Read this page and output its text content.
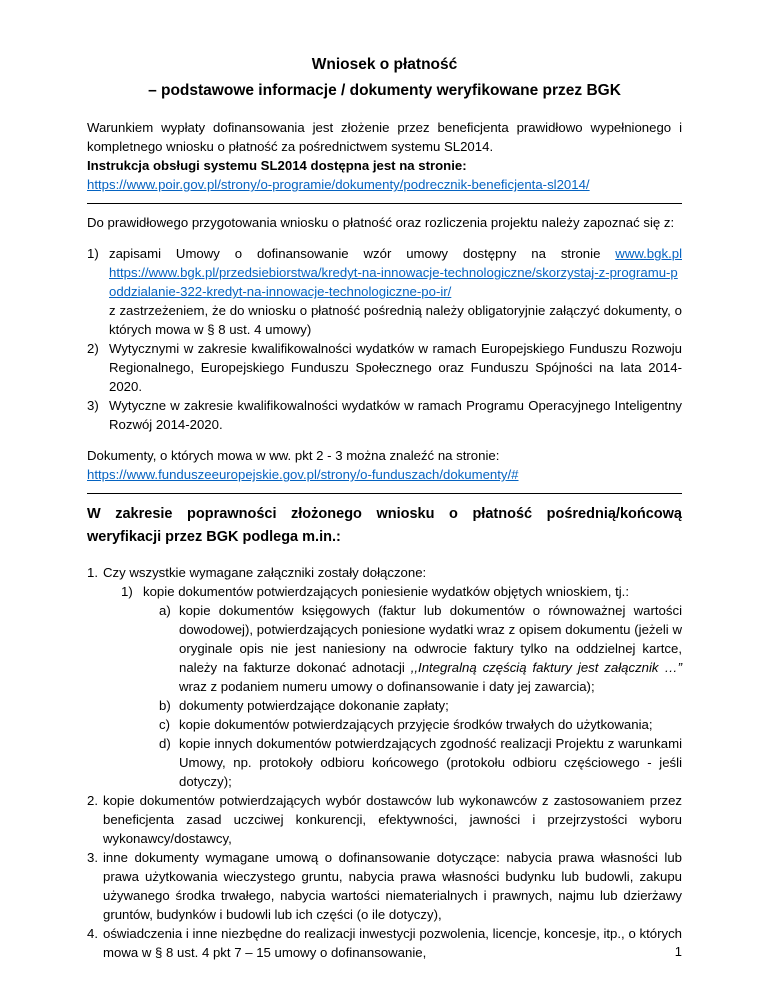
Wniosek o płatność

– podstawowe informacje / dokumenty weryfikowane przez BGK

Warunkiem wypłaty dofinansowania jest złożenie przez beneficjenta prawidłowo wypełnionego i kompletnego wniosku o płatność za pośrednictwem systemu SL2014.

Instrukcja obsługi systemu SL2014 dostępna jest na stronie:

https://www.poir.gov.pl/strony/o-programie/dokumenty/podrecznik-beneficjenta-sl2014/

Do prawidłowego przygotowania wniosku o płatność oraz rozliczenia projektu należy zapoznać się z:

1) zapisami Umowy o dofinansowanie wzór umowy dostępny na stronie www.bgk.pl
https://www.bgk.pl/przedsiebiorstwa/kredyt-na-innowacje-technologiczne/skorzystaj-z-programu-poddzialanie-322-kredyt-na-innowacje-technologiczne-po-ir/
z zastrzeżeniem, że do wniosku o płatność pośrednią należy obligatoryjnie załączyć dokumenty, o których mowa w § 8 ust. 4 umowy)
2) Wytycznymi w zakresie kwalifikowalności wydatków w ramach Europejskiego Funduszu Rozwoju Regionalnego, Europejskiego Funduszu Społecznego oraz Funduszu Spójności na lata 2014-2020.
3) Wytyczne w zakresie kwalifikowalności wydatków w ramach Programu Operacyjnego Inteligentny Rozwój 2014-2020.

Dokumenty, o których mowa w ww. pkt 2 - 3 można znaleźć na stronie:

https://www.funduszeeuropejskie.gov.pl/strony/o-funduszach/dokumenty/#

W zakresie poprawności złożonego wniosku o płatność pośrednią/końcową weryfikacji przez BGK podlega m.in.:

1. Czy wszystkie wymagane załączniki zostały dołączone:
1) kopie dokumentów potwierdzających poniesienie wydatków objętych wnioskiem, tj.:
a) kopie dokumentów księgowych (faktur lub dokumentów o równoważnej wartości dowodowej), potwierdzających poniesione wydatki wraz z opisem dokumentu (jeżeli w oryginale opis nie jest naniesiony na odwrocie faktury tylko na oddzielnej kartce, należy na fakturze dokonać adnotacji ,,Integralną częścią faktury jest załącznik …” wraz z podaniem numeru umowy o dofinansowanie i daty jej zawarcia);
b) dokumenty potwierdzające dokonanie zapłaty;
c) kopie dokumentów potwierdzających przyjęcie środków trwałych do użytkowania;
d) kopie innych dokumentów potwierdzających zgodność realizacji Projektu z warunkami Umowy, np. protokoły odbioru końcowego (protokołu odbioru częściowego - jeśli dotyczy);
2. kopie dokumentów potwierdzających wybór dostawców lub wykonawców z zastosowaniem przez beneficjenta zasad uczciwej konkurencji, efektywności, jawności i przejrzystości wyboru wykonawcy/dostawcy,
3. inne dokumenty wymagane umową o dofinansowanie dotyczące: nabycia prawa własności lub prawa użytkowania wieczystego gruntu, nabycia prawa własności budynku lub budowli, zakupu używanego środka trwałego, nabycia wartości niematerialnych i prawnych, najmu lub dzierżawy gruntów, budynków i budowli lub ich części (o ile dotyczy),
4. oświadczenia i inne niezbędne do realizacji inwestycji pozwolenia, licencje, koncesje, itp., o których mowa w § 8 ust. 4 pkt 7 – 15 umowy o dofinansowanie,	1
